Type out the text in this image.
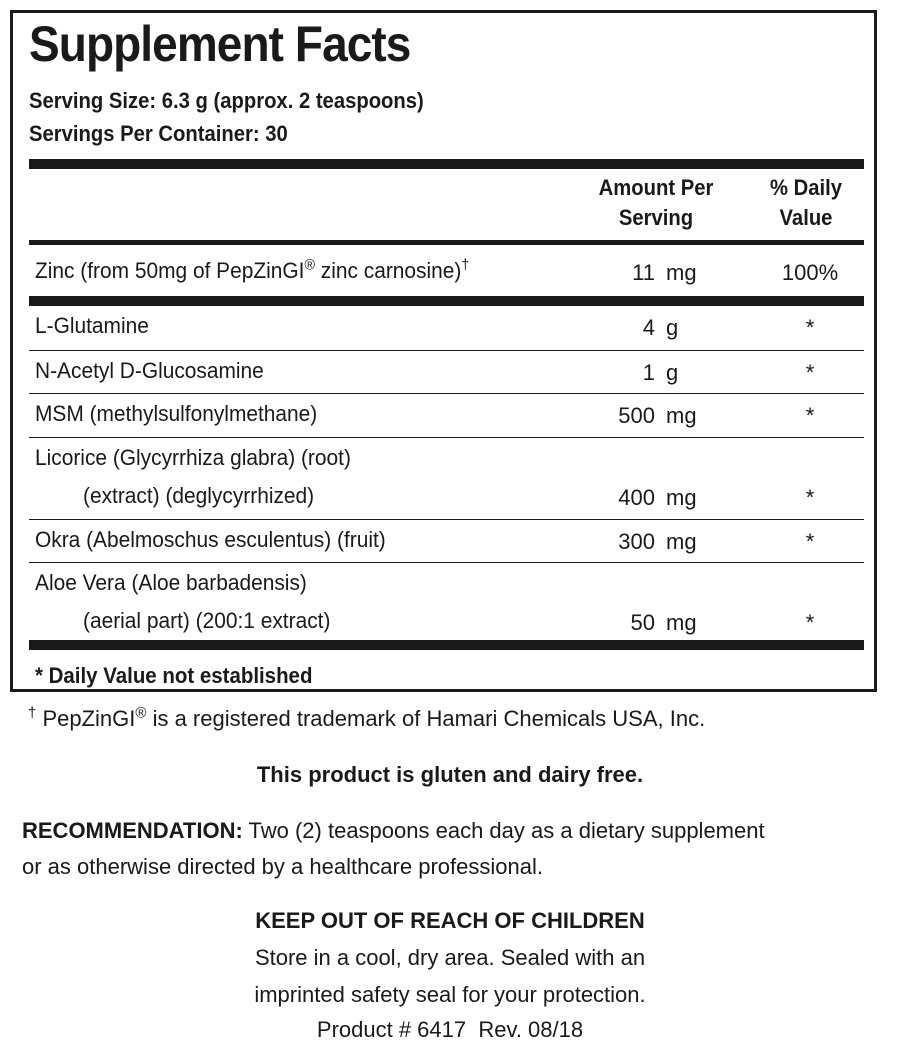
Supplement Facts
Serving Size: 6.3 g (approx. 2 teaspoons)
Servings Per Container: 30
Amount Per
Serving
% Daily
Value
Zinc (from 50mg of PepZinGI® zinc carnosine)†	11 mg	100%
L-Glutamine	4 g	*
N-Acetyl D-Glucosamine	1 g	*
MSM (methylsulfonylmethane)	500 mg	*
Licorice (Glycyrrhiza glabra) (root)
(extract) (deglycyrrhized)	400 mg	*
Okra (Abelmoschus esculentus) (fruit)	300 mg	*
Aloe Vera (Aloe barbadensis)
(aerial part) (200:1 extract)	50 mg	*
* Daily Value not established
† PepZinGI® is a registered trademark of Hamari Chemicals USA, Inc.
This product is gluten and dairy free.
RECOMMENDATION: Two (2) teaspoons each day as a dietary supplement
or as otherwise directed by a healthcare professional.
KEEP OUT OF REACH OF CHILDREN
Store in a cool, dry area. Sealed with an
imprinted safety seal for your protection.
Product # 6417  Rev. 08/18
